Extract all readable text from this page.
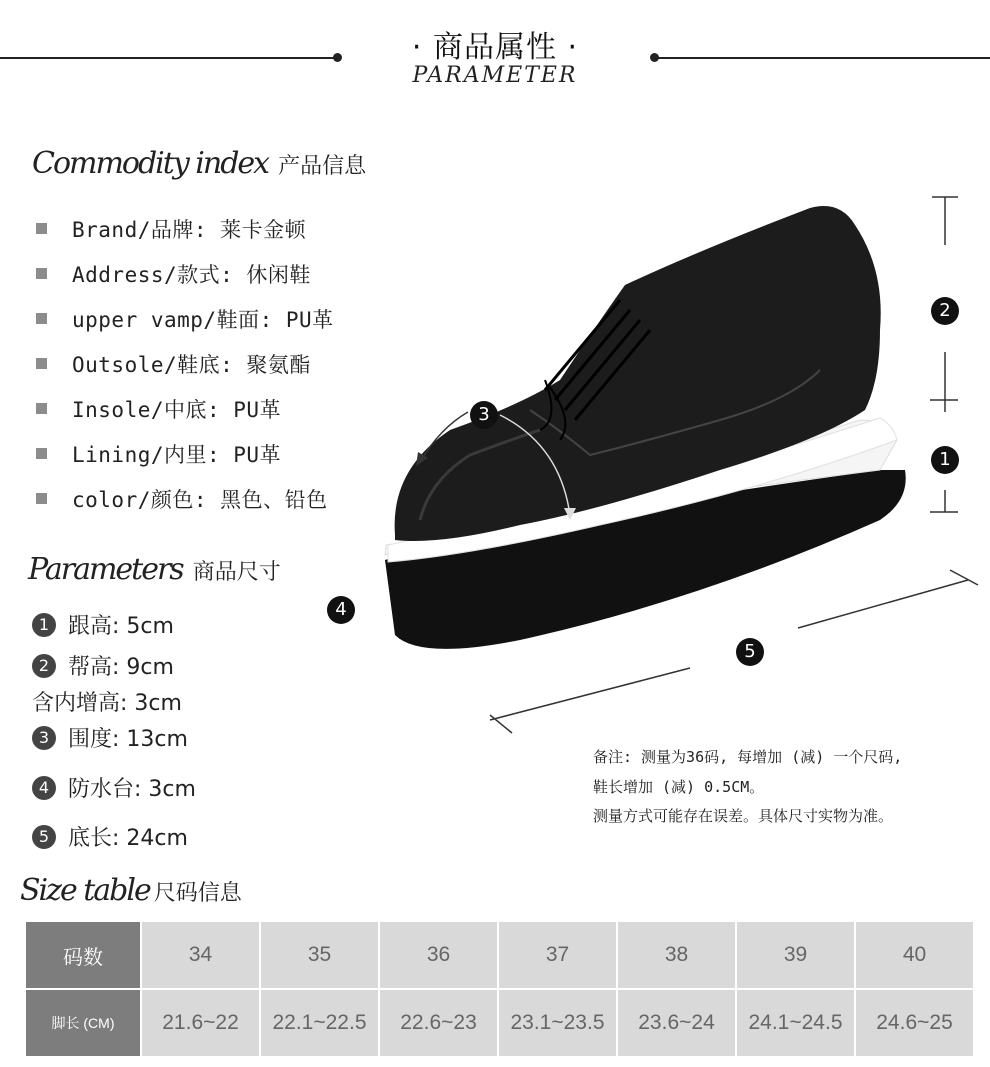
· 商品属性 ·
PARAMETER
Commodity index 产品信息
Brand/品牌: 莱卡金顿
Address/款式: 休闲鞋
upper vamp/鞋面: PU革
Outsole/鞋底: 聚氨酯
Insole/中底: PU革
Lining/内里: PU革
color/颜色: 黑色、铅色
Parameters 商品尺寸
1 跟高: 5cm
2 帮高: 9cm
含内增高: 3cm
3 围度: 13cm
4 防水台: 3cm
5 底长: 24cm
2
1
3
4
5
备注: 测量为36码, 每增加 (减) 一个尺码,
鞋长增加 (减) 0.5CM。
测量方式可能存在误差。具体尺寸实物为准。
Size table 尺码信息
码数	34	35	36	37	38	39	40

脚长 (CM)	21.6~22	22.1~22.5	22.6~23	23.1~23.5	23.6~24	24.1~24.5	24.6~25
